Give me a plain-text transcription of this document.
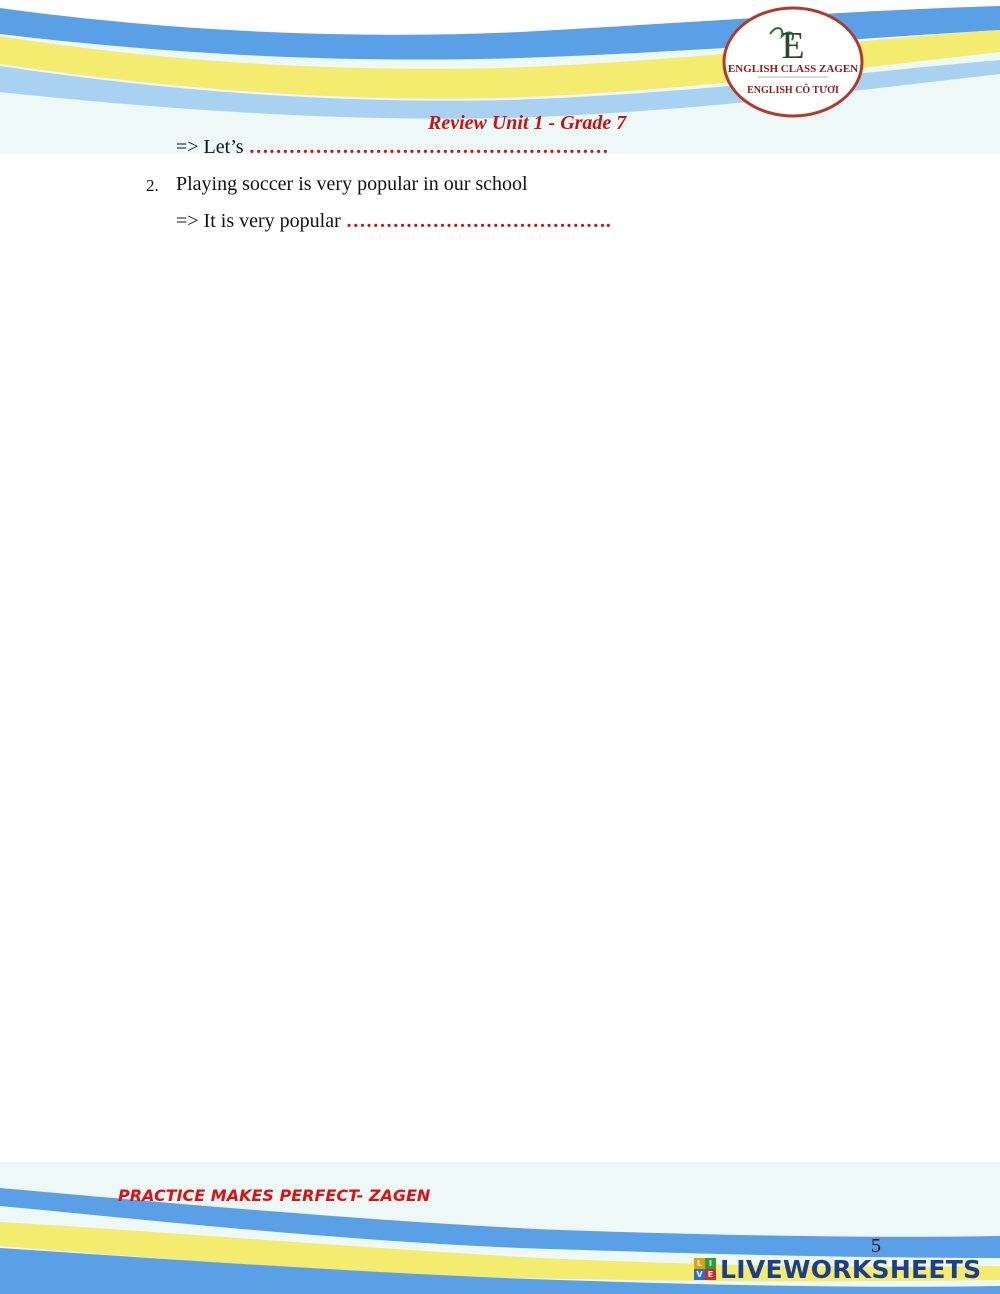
E
ENGLISH CLASS ZAGEN
ENGLISH CÔ TƯƠI
Review Unit 1 - Grade 7
=> Let’s ………………………………………………
2. Playing soccer is very popular in our school
=> It is very popular ………………………………….
PRACTICE MAKES PERFECT- ZAGEN
5
L I
V E LIVEWORKSHEETS
